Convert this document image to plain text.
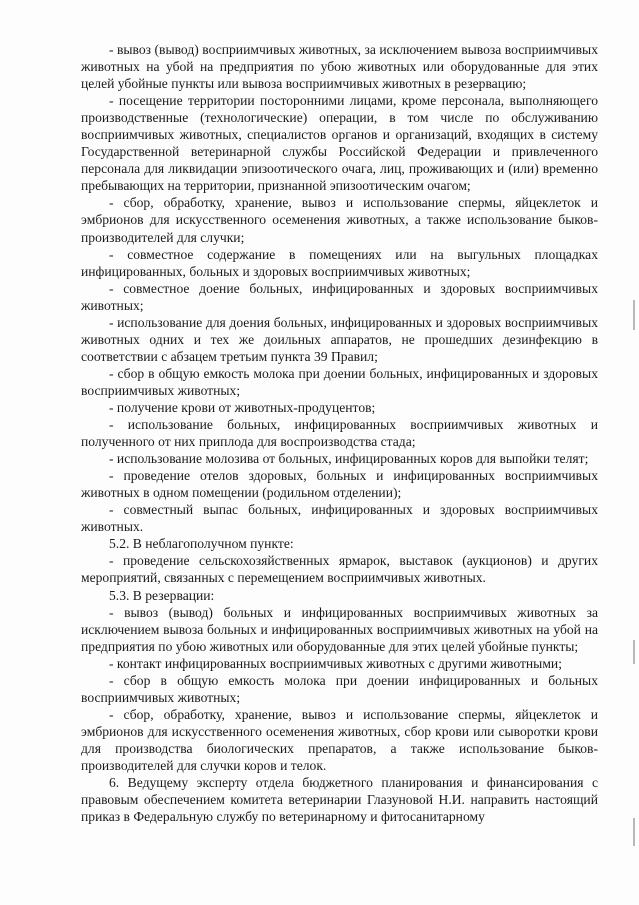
- вывоз (вывод) восприимчивых животных, за исключением вывоза восприимчивых животных на убой на предприятия по убою животных или оборудованные для этих целей убойные пункты или вывоза восприимчивых животных в резервацию;

- посещение территории посторонними лицами, кроме персонала, выполняющего производственные (технологические) операции, в том числе по обслуживанию восприимчивых животных, специалистов органов и организаций, входящих в систему Государственной ветеринарной службы Российской Федерации и привлеченного персонала для ликвидации эпизоотического очага, лиц, проживающих и (или) временно пребывающих на территории, признанной эпизоотическим очагом;

- сбор, обработку, хранение, вывоз и использование спермы, яйцеклеток и эмбрионов для искусственного осеменения животных, а также использование быков-производителей для случки;

- совместное содержание в помещениях или на выгульных площадках инфицированных, больных и здоровых восприимчивых животных;

- совместное доение больных, инфицированных и здоровых восприимчивых животных;

- использование для доения больных, инфицированных и здоровых восприимчивых животных одних и тех же доильных аппаратов, не прошедших дезинфекцию в соответствии с абзацем третьим пункта 39 Правил;

- сбор в общую емкость молока при доении больных, инфицированных и здоровых восприимчивых животных;

- получение крови от животных-продуцентов;

- использование больных, инфицированных восприимчивых животных и полученного от них приплода для воспроизводства стада;

- использование молозива от больных, инфицированных коров для выпойки телят;

- проведение отелов здоровых, больных и инфицированных восприимчивых животных в одном помещении (родильном отделении);

- совместный выпас больных, инфицированных и здоровых восприимчивых животных.

5.2. В неблагополучном пункте:

- проведение сельскохозяйственных ярмарок, выставок (аукционов) и других мероприятий, связанных с перемещением восприимчивых животных.

5.3. В резервации:

- вывоз (вывод) больных и инфицированных восприимчивых животных за исключением вывоза больных и инфицированных восприимчивых животных на убой на предприятия по убою животных или оборудованные для этих целей убойные пункты;

- контакт инфицированных восприимчивых животных с другими животными;

- сбор в общую емкость молока при доении инфицированных и больных восприимчивых животных;

- сбор, обработку, хранение, вывоз и использование спермы, яйцеклеток и эмбрионов для искусственного осеменения животных, сбор крови или сыворотки крови для производства биологических препаратов, а также использование быков-производителей для случки коров и телок.

6. Ведущему эксперту отдела бюджетного планирования и финансирования с правовым обеспечением комитета ветеринарии Глазуновой Н.И. направить настоящий приказ в Федеральную службу по ветеринарному и фитосанитарному
